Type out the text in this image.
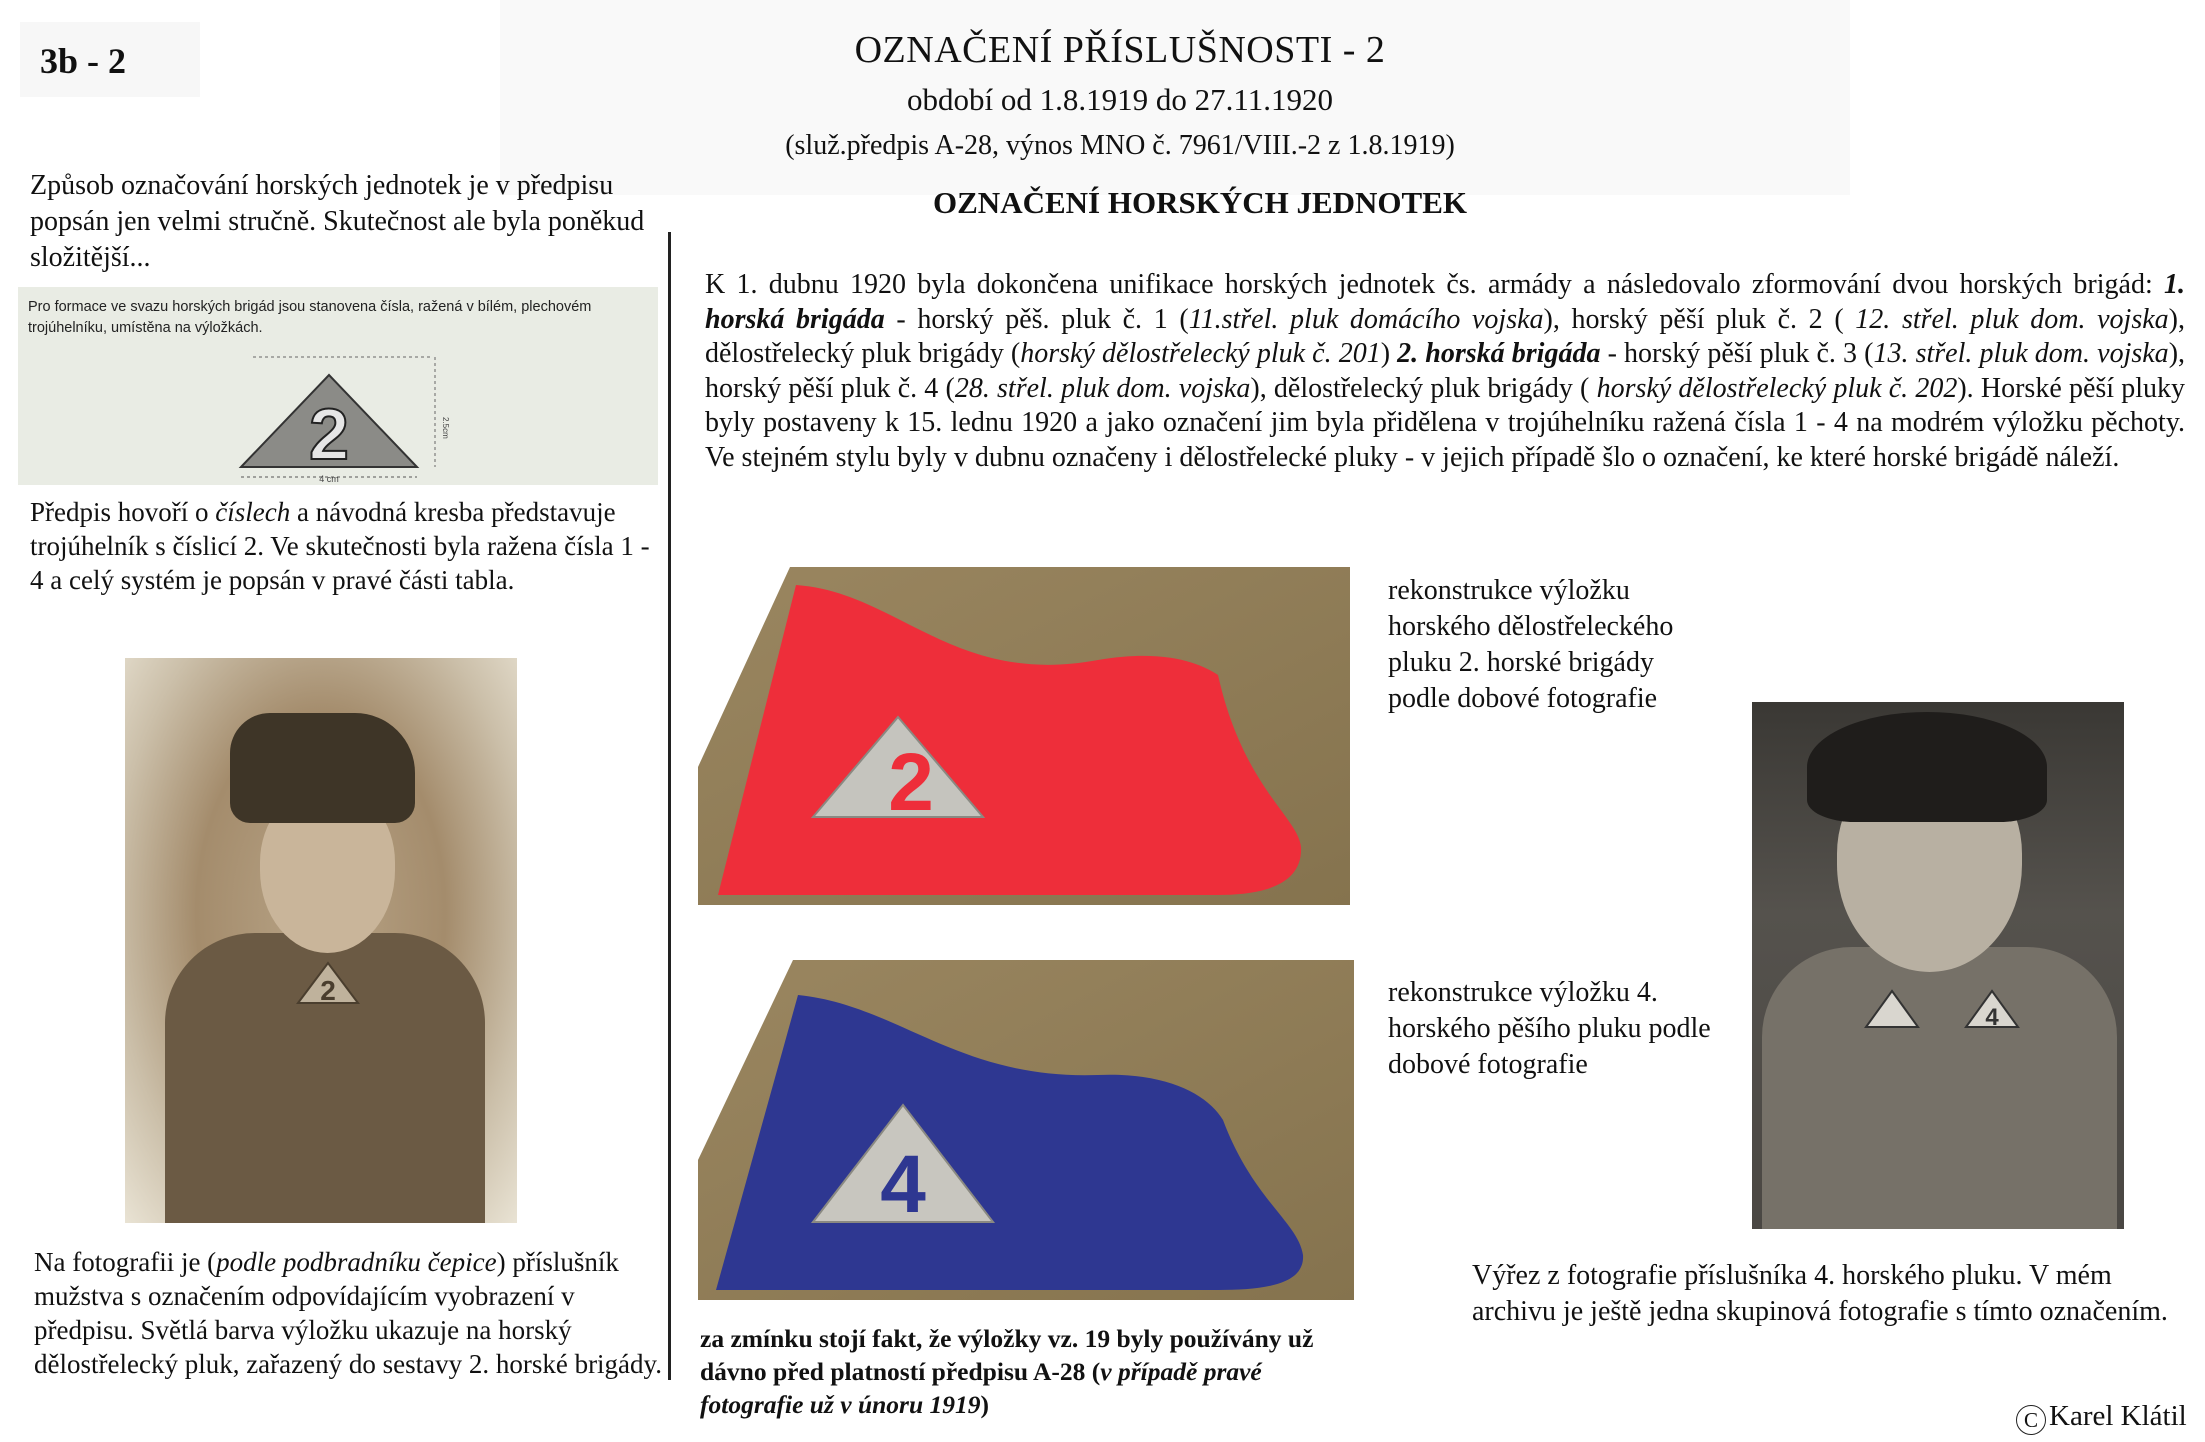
3b - 2	OZNAČENÍ PŘÍSLUŠNOSTI - 2
období od 1.8.1919 do 27.11.1920
(služ.předpis A-28, výnos MNO č. 7961/VIII.-2 z 1.8.1919)
OZNAČENÍ HORSKÝCH JEDNOTEK
Způsob označování horských jednotek je v předpisu popsán jen velmi stručně. Skutečnost ale byla poněkud složitější...
Pro formace ve svazu horských brigád jsou stanovena čísla, ražená v bílém, plechovém trojúhelníku, umístěna na výložkách.
2
4 cm
2.5cm
Předpis hovoří o číslech a návodná kresba představuje trojúhelník s číslicí 2. Ve skutečnosti byla ražena čísla 1 - 4 a celý systém je popsán v pravé části tabla.
2
Na fotografii je (podle podbradníku čepice) příslušník mužstva s označením odpovídajícím vyobrazení v předpisu. Světlá barva výložku ukazuje na horský dělostřelecký pluk, zařazený do sestavy 2. horské brigády.
K 1. dubnu 1920 byla dokončena unifikace horských jednotek čs. armády a následovalo zformování dvou horských brigád: 1. horská brigáda - horský pěš. pluk č. 1 (11.střel. pluk domácího vojska), horský pěší pluk č. 2 ( 12. střel. pluk dom. vojska), dělostřelecký pluk brigády (horský dělostřelecký pluk č. 201) 2. horská brigáda - horský pěší pluk č. 3 (13. střel. pluk dom. vojska), horský pěší pluk č. 4 (28. střel. pluk dom. vojska), dělostřelecký pluk brigády ( horský dělostřelecký pluk č. 202). Horské pěší pluky byly postaveny k 15. lednu 1920 a jako označení jim byla přidělena v trojúhelníku ražená čísla 1 - 4 na modrém výložku pěchoty. Ve stejném stylu byly v dubnu označeny i dělostřelecké pluky - v jejich případě šlo o označení, ke které horské brigádě náleží.
2
4
rekonstrukce výložku horského dělostřeleckého pluku 2. horské brigády podle dobové fotografie
rekonstrukce výložku 4. horského pěšího pluku podle dobové fotografie
4
za zmínku stojí fakt, že výložky vz. 19 byly používány už dávno před platností předpisu A-28 (v případě pravé fotografie už v únoru 1919)
Výřez z fotografie příslušníka 4. horského pluku. V mém archivu je ještě jedna skupinová fotografie s tímto označením.
C Karel Klátil
